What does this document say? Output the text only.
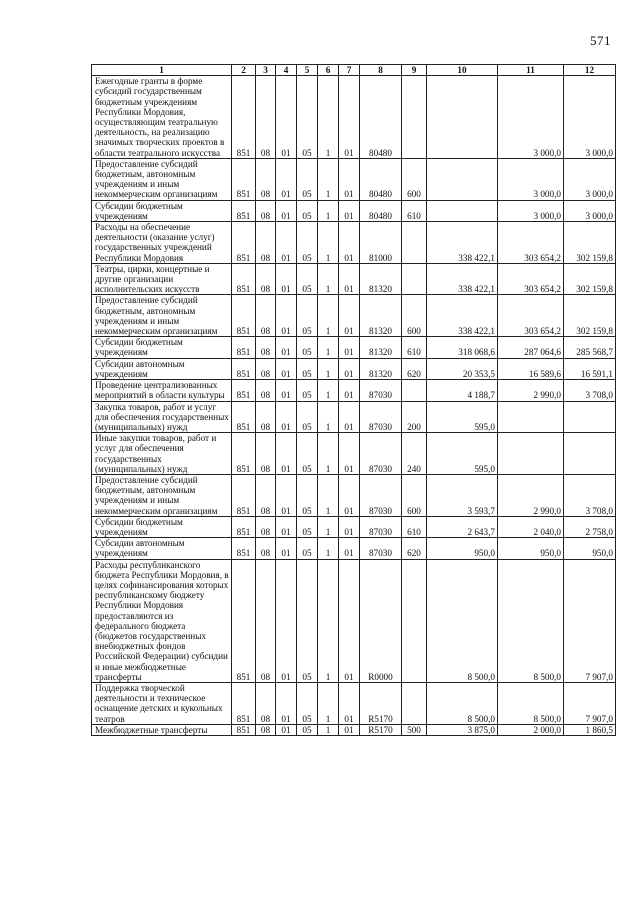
571
1	2	3	4	5	6	7	8	9	10	11	12
Ежегодные гранты в форме субсидий государственным бюджетным учреждениям Республики Мордовия, осуществляющим театральную деятельность, на реализацию значимых творческих проектов в области театрального искусства	851	08	01	05	1	01	80480			3 000,0	3 000,0
Предоставление субсидий бюджетным, автономным учреждениям и иным некоммерческим организациям	851	08	01	05	1	01	80480	600		3 000,0	3 000,0
Субсидии бюджетным учреждениям	851	08	01	05	1	01	80480	610		3 000,0	3 000,0
Расходы на обеспечение деятельности (оказание услуг) государственных учреждений Республики Мордовия	851	08	01	05	1	01	81000		338 422,1	303 654,2	302 159,8
Театры, цирки, концертные и другие организации исполнительских искусств	851	08	01	05	1	01	81320		338 422,1	303 654,2	302 159,8
Предоставление субсидий бюджетным, автономным учреждениям и иным некоммерческим организациям	851	08	01	05	1	01	81320	600	338 422,1	303 654,2	302 159,8
Субсидии бюджетным учреждениям	851	08	01	05	1	01	81320	610	318 068,6	287 064,6	285 568,7
Субсидии автономным учреждениям	851	08	01	05	1	01	81320	620	20 353,5	16 589,6	16 591,1
Проведение централизованных мероприятий в области культуры	851	08	01	05	1	01	87030		4 188,7	2 990,0	3 708,0
Закупка товаров, работ и услуг для обеспечения государственных (муниципальных) нужд	851	08	01	05	1	01	87030	200	595,0		
Иные закупки товаров, работ и услуг для обеспечения государственных (муниципальных) нужд	851	08	01	05	1	01	87030	240	595,0		
Предоставление субсидий бюджетным, автономным учреждениям и иным некоммерческим организациям	851	08	01	05	1	01	87030	600	3 593,7	2 990,0	3 708,0
Субсидии бюджетным учреждениям	851	08	01	05	1	01	87030	610	2 643,7	2 040,0	2 758,0
Субсидии автономным учреждениям	851	08	01	05	1	01	87030	620	950,0	950,0	950,0
Расходы республиканского бюджета Республики Мордовия, в целях софинансирования которых республиканскому бюджету Республики Мордовия предоставляются из федерального бюджета (бюджетов государственных внебюджетных фондов Российской Федерации) субсидии и иные межбюджетные трансферты	851	08	01	05	1	01	R0000		8 500,0	8 500,0	7 907,0
Поддержка творческой деятельности и техническое оснащение детских и кукольных театров	851	08	01	05	1	01	R5170		8 500,0	8 500,0	7 907,0
Межбюджетные трансферты	851	08	01	05	1	01	R5170	500	3 875,0	2 000,0	1 860,5
